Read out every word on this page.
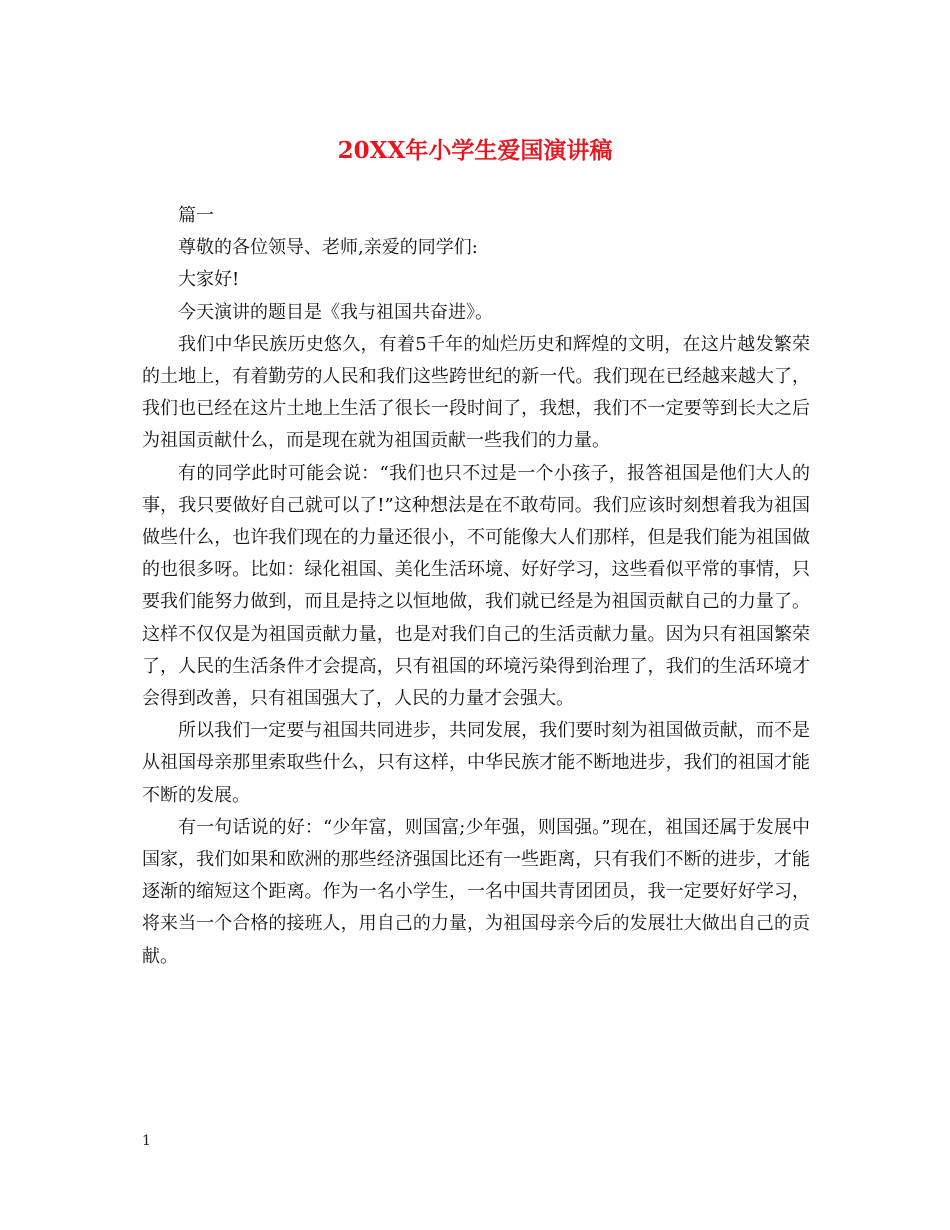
20XX年小学生爱国演讲稿

篇一

尊敬的各位领导、老师,亲爱的同学们:

大家好!

今天演讲的题目是《我与祖国共奋进》。

我们中华民族历史悠久，有着5千年的灿烂历史和辉煌的文明，在这片越发繁荣的土地上，有着勤劳的人民和我们这些跨世纪的新一代。我们现在已经越来越大了，我们也已经在这片土地上生活了很长一段时间了，我想，我们不一定要等到长大之后为祖国贡献什么，而是现在就为祖国贡献一些我们的力量。

有的同学此时可能会说：“我们也只不过是一个小孩子，报答祖国是他们大人的事，我只要做好自己就可以了!”这种想法是在不敢苟同。我们应该时刻想着我为祖国做些什么，也许我们现在的力量还很小，不可能像大人们那样，但是我们能为祖国做的也很多呀。比如：绿化祖国、美化生活环境、好好学习，这些看似平常的事情，只要我们能努力做到，而且是持之以恒地做，我们就已经是为祖国贡献自己的力量了。这样不仅仅是为祖国贡献力量，也是对我们自己的生活贡献力量。因为只有祖国繁荣了，人民的生活条件才会提高，只有祖国的环境污染得到治理了，我们的生活环境才会得到改善，只有祖国强大了，人民的力量才会强大。

所以我们一定要与祖国共同进步，共同发展，我们要时刻为祖国做贡献，而不是从祖国母亲那里索取些什么，只有这样，中华民族才能不断地进步，我们的祖国才能不断的发展。

有一句话说的好：“少年富，则国富;少年强，则国强。”现在，祖国还属于发展中国家，我们如果和欧洲的那些经济强国比还有一些距离，只有我们不断的进步，才能逐渐的缩短这个距离。作为一名小学生，一名中国共青团团员，我一定要好好学习，将来当一个合格的接班人，用自己的力量，为祖国母亲今后的发展壮大做出自己的贡献。

1
